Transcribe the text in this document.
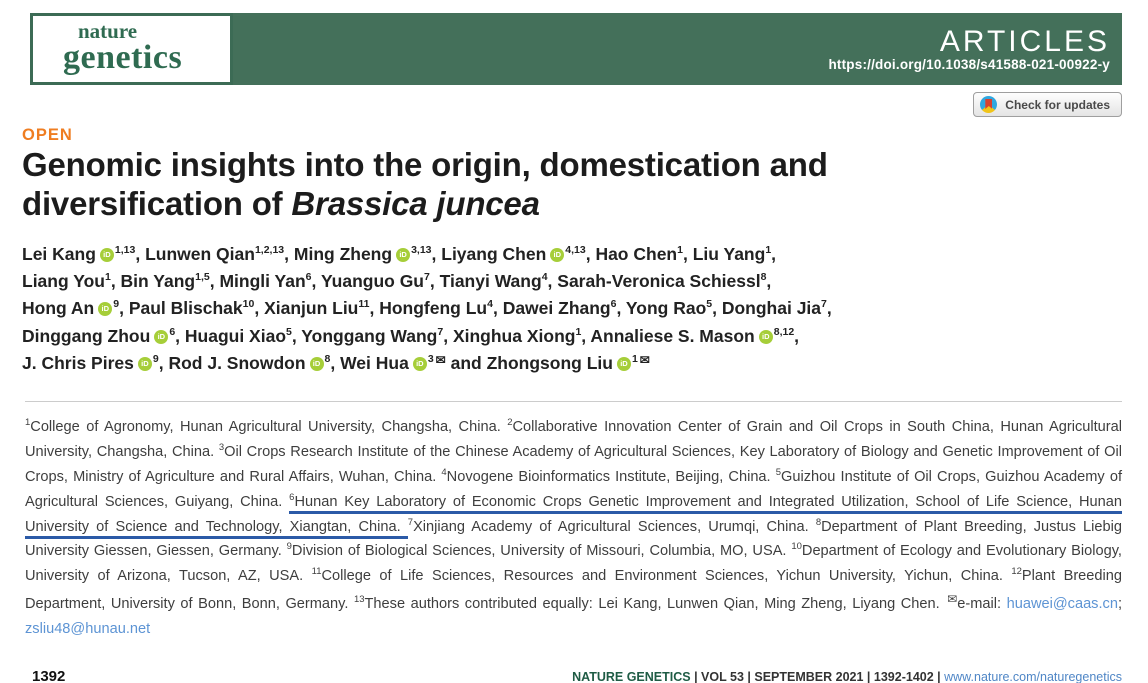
nature
genetics	ARTICLES
https://doi.org/10.1038/s41588-021-00922-y
Check for updates
OPEN
Genomic insights into the origin, domestication and diversification of Brassica juncea

Lei Kang iD $^{1,13}$, Lunwen Qian$^{1,2,13}$, Ming Zheng iD $^{3,13}$, Liyang Chen iD $^{4,13}$, Hao Chen$^1$, Liu Yang$^1$,
Liang You$^1$, Bin Yang$^{1,5}$, Mingli Yan$^6$, Yuanguo Gu$^7$, Tianyi Wang$^4$, Sarah-Veronica Schiessl$^8$,
Hong An iD $^9$, Paul Blischak$^{10}$, Xianjun Liu$^{11}$, Hongfeng Lu$^4$, Dawei Zhang$^6$, Yong Rao$^5$, Donghai Jia$^7$,
Dinggang Zhou iD $^6$, Huagui Xiao$^5$, Yonggang Wang$^7$, Xinghua Xiong$^1$, Annaliese S. Mason iD $^{8,12}$,
J. Chris Pires iD $^9$, Rod J. Snowdon iD $^8$, Wei Hua iD $^3$ ✉ and Zhongsong Liu iD $^1$ ✉

$^1$College of Agronomy, Hunan Agricultural University, Changsha, China. $^2$Collaborative Innovation Center of Grain and Oil Crops in South China, Hunan Agricultural University, Changsha, China. $^3$Oil Crops Research Institute of the Chinese Academy of Agricultural Sciences, Key Laboratory of Biology and Genetic Improvement of Oil Crops, Ministry of Agriculture and Rural Affairs, Wuhan, China. $^4$Novogene Bioinformatics Institute, Beijing, China. $^5$Guizhou Institute of Oil Crops, Guizhou Academy of Agricultural Sciences, Guiyang, China. $^6$Hunan Key Laboratory of Economic Crops Genetic Improvement and Integrated Utilization, School of Life Science, Hunan University of Science and Technology, Xiangtan, China. $^7$Xinjiang Academy of Agricultural Sciences, Urumqi, China. $^8$Department of Plant Breeding, Justus Liebig University Giessen, Giessen, Germany. $^9$Division of Biological Sciences, University of Missouri, Columbia, MO, USA. $^{10}$Department of Ecology and Evolutionary Biology, University of Arizona, Tucson, AZ, USA. $^{11}$College of Life Sciences, Resources and Environment Sciences, Yichun University, Yichun, China. $^{12}$Plant Breeding Department, University of Bonn, Bonn, Germany. $^{13}$These authors contributed equally: Lei Kang, Lunwen Qian, Ming Zheng, Liyang Chen. ✉e-mail: huawei@caas.cn; zsliu48@hunau.net

1392	NATURE GENETICS | VOL 53 | SEPTEMBER 2021 | 1392-1402 | www.nature.com/naturegenetics
